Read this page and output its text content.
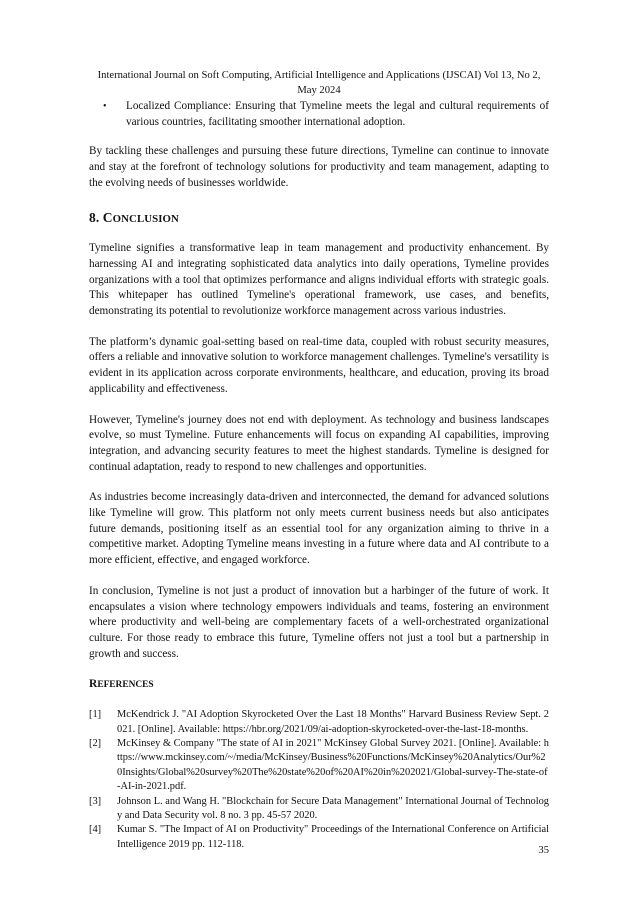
International Journal on Soft Computing, Artificial Intelligence and Applications (IJSCAI) Vol 13, No 2,
May 2024
•	Localized Compliance: Ensuring that Tymeline meets the legal and cultural requirements of various countries, facilitating smoother international adoption.

By tackling these challenges and pursuing these future directions, Tymeline can continue to innovate and stay at the forefront of technology solutions for productivity and team management, adapting to the evolving needs of businesses worldwide.

8. CONCLUSION

Tymeline signifies a transformative leap in team management and productivity enhancement. By harnessing AI and integrating sophisticated data analytics into daily operations, Tymeline provides organizations with a tool that optimizes performance and aligns individual efforts with strategic goals. This whitepaper has outlined Tymeline's operational framework, use cases, and benefits, demonstrating its potential to revolutionize workforce management across various industries.

The platform’s dynamic goal-setting based on real-time data, coupled with robust security measures, offers a reliable and innovative solution to workforce management challenges. Tymeline's versatility is evident in its application across corporate environments, healthcare, and education, proving its broad applicability and effectiveness.

However, Tymeline's journey does not end with deployment. As technology and business landscapes evolve, so must Tymeline. Future enhancements will focus on expanding AI capabilities, improving integration, and advancing security features to meet the highest standards. Tymeline is designed for continual adaptation, ready to respond to new challenges and opportunities.

As industries become increasingly data-driven and interconnected, the demand for advanced solutions like Tymeline will grow. This platform not only meets current business needs but also anticipates future demands, positioning itself as an essential tool for any organization aiming to thrive in a competitive market. Adopting Tymeline means investing in a future where data and AI contribute to a more efficient, effective, and engaged workforce.

In conclusion, Tymeline is not just a product of innovation but a harbinger of the future of work. It encapsulates a vision where technology empowers individuals and teams, fostering an environment where productivity and well-being are complementary facets of a well-orchestrated organizational culture. For those ready to embrace this future, Tymeline offers not just a tool but a partnership in growth and success.

REFERENCES
[1]	McKendrick J. "AI Adoption Skyrocketed Over the Last 18 Months" Harvard Business Review Sept. 2021. [Online]. Available: https://hbr.org/2021/09/ai-adoption-skyrocketed-over-the-last-18-months.
[2]	McKinsey & Company "The state of AI in 2021" McKinsey Global Survey 2021. [Online]. Available: https://www.mckinsey.com/~/media/McKinsey/Business%20Functions/McKinsey%20Analytics/Our%20Insights/Global%20survey%20The%20state%20of%20AI%20in%202021/Global-survey-The-state-of-AI-in-2021.pdf.
[3]	Johnson L. and Wang H. "Blockchain for Secure Data Management" International Journal of Technology and Data Security vol. 8 no. 3 pp. 45-57 2020.
[4]	Kumar S. "The Impact of AI on Productivity" Proceedings of the International Conference on Artificial Intelligence 2019 pp. 112-118.
35
